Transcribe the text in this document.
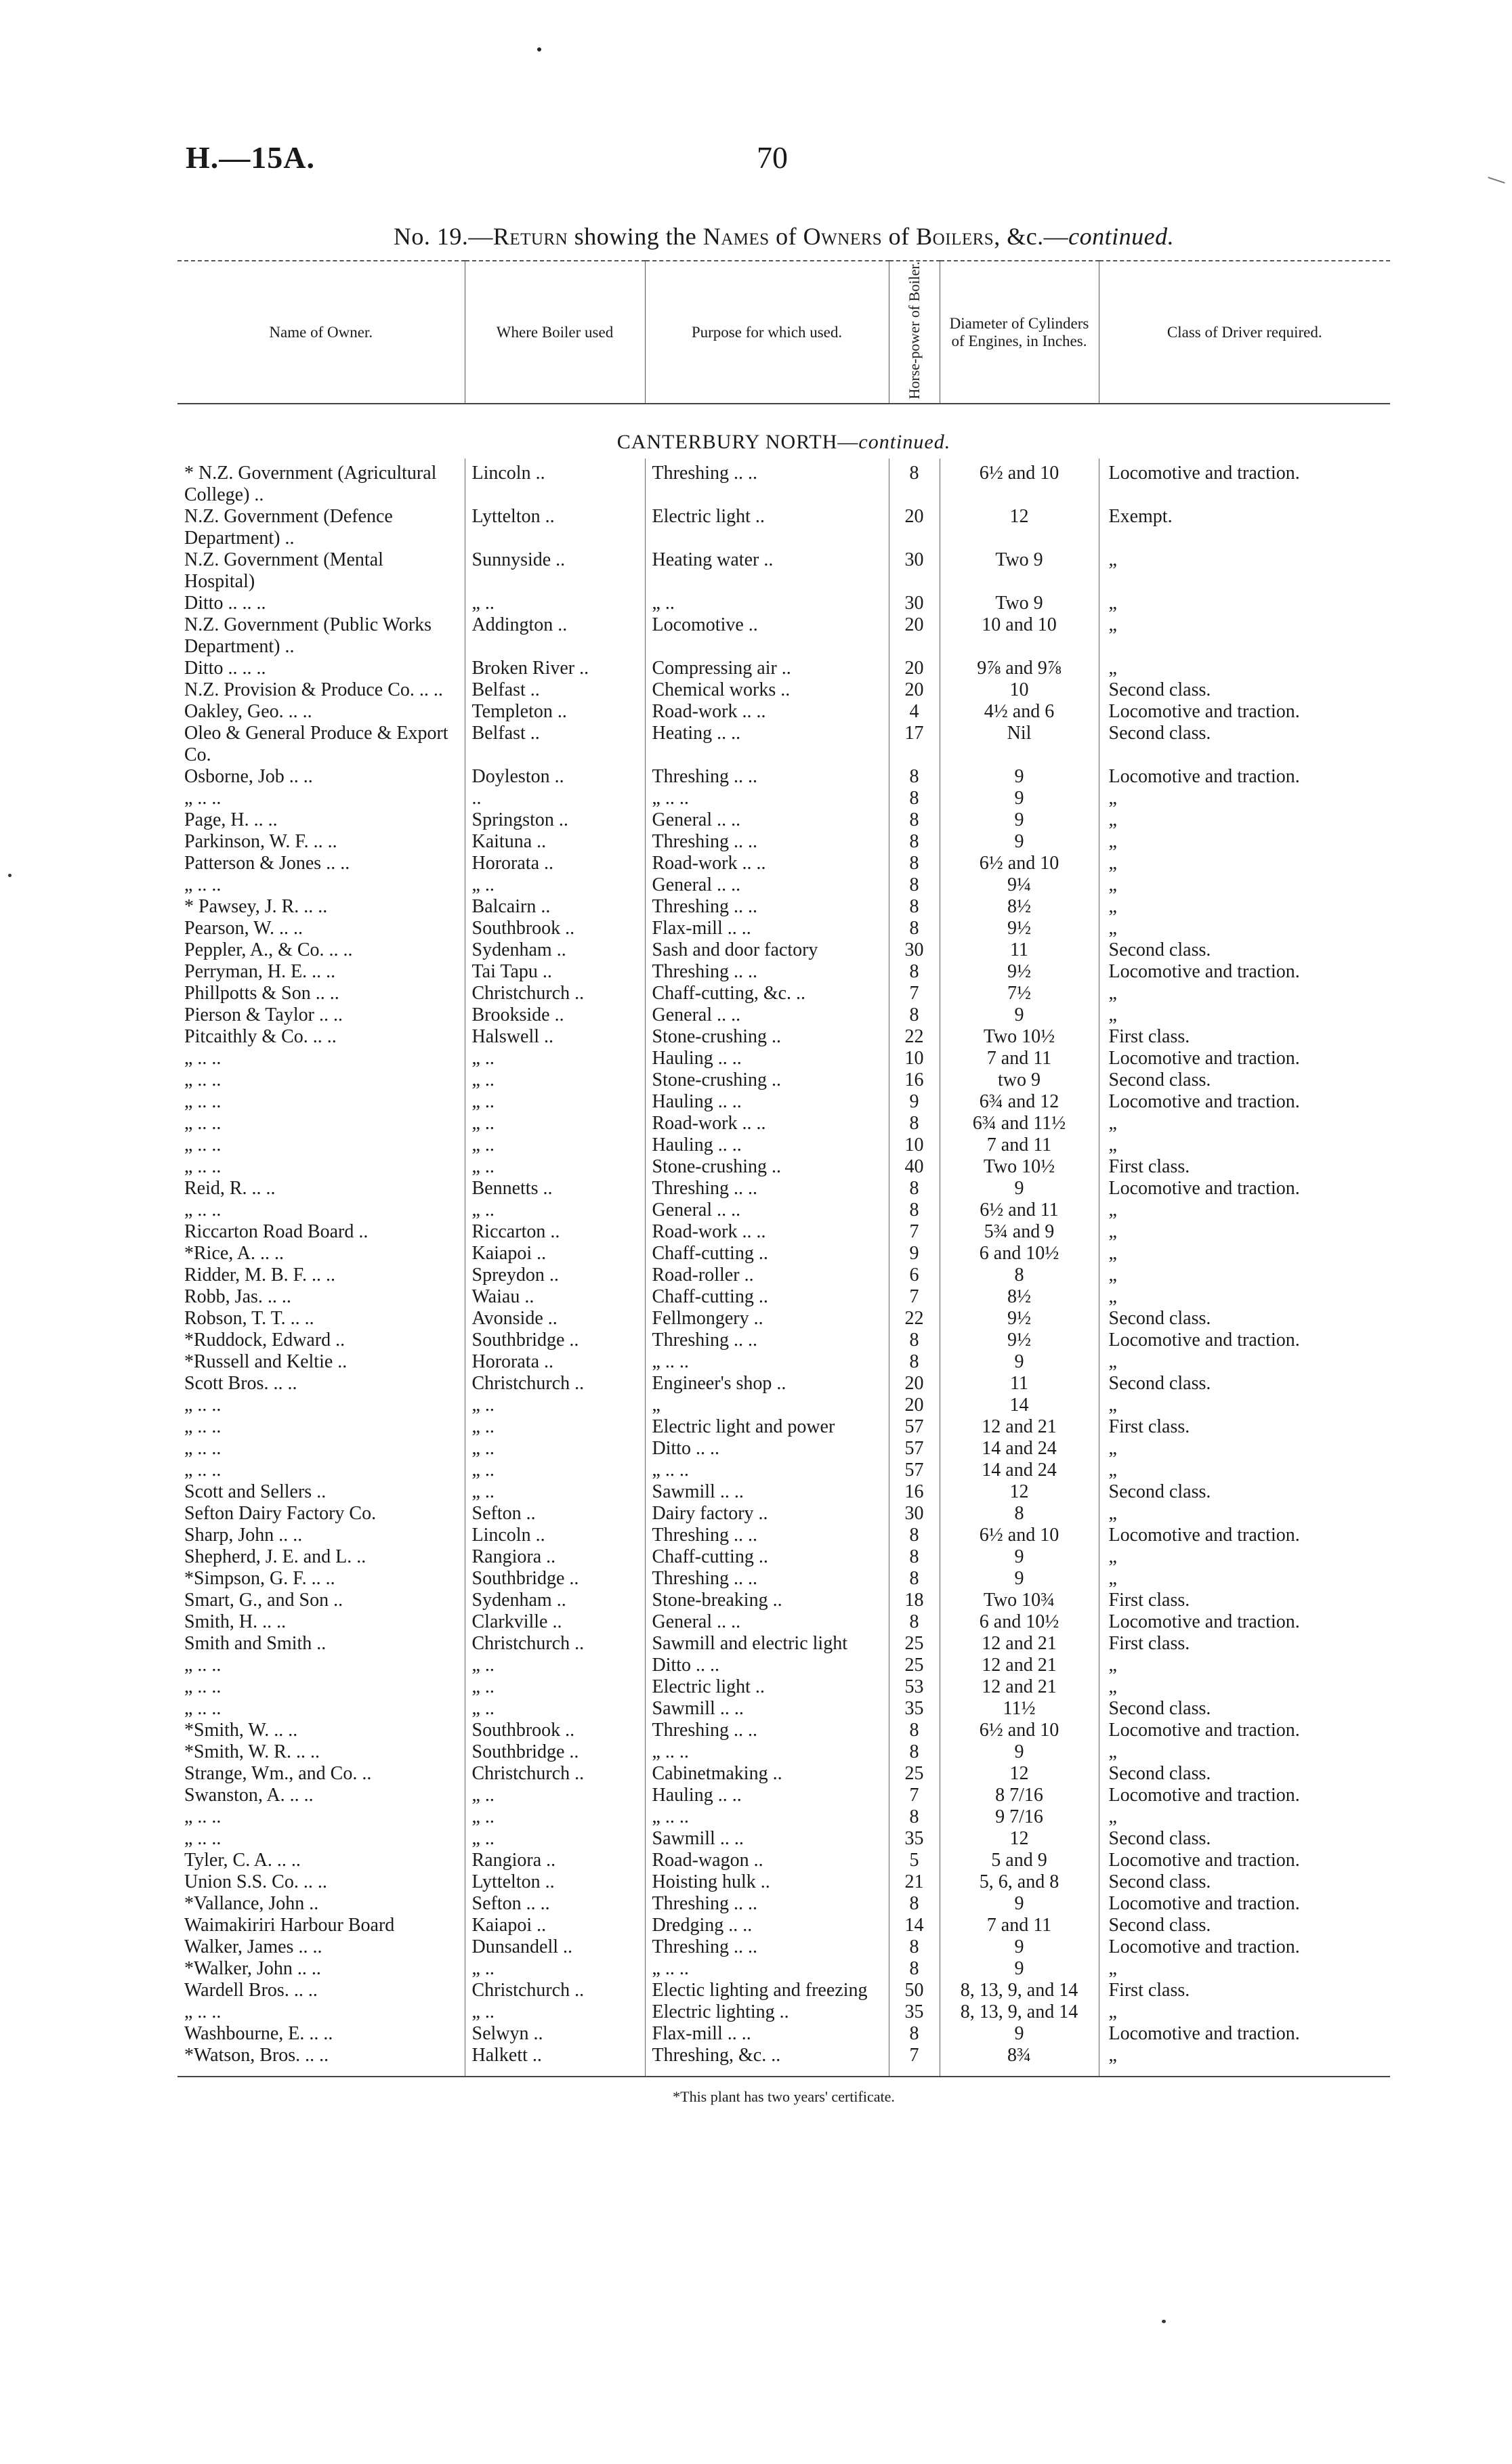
H.—15A.	70
No. 19.—Return showing the Names of Owners of Boilers, &c.—continued.
Name of Owner.	Where Boiler used	Purpose for which used.	Horse-power of Boiler.	Diameter of Cylinders of Engines, in Inches.	Class of Driver required.
CANTERBURY NORTH—continued.					
* N.Z. Government (Agricultural College) ..	Lincoln ..	Threshing .. ..	8	6½ and 10	Locomotive and traction.
N.Z. Government (Defence Department) ..	Lyttelton ..	Electric light ..	20	12	Exempt.
N.Z. Government (Mental Hospital)	Sunnyside ..	Heating water ..	30	Two 9	„
Ditto .. .. ..	„ ..	„ ..	30	Two 9	„
N.Z. Government (Public Works Department) ..	Addington ..	Locomotive ..	20	10 and 10	„
Ditto .. .. ..	Broken River ..	Compressing air ..	20	9⅞ and 9⅞	„
N.Z. Provision & Produce Co. .. ..	Belfast ..	Chemical works ..	20	10	Second class.
Oakley, Geo. .. ..	Templeton ..	Road-work .. ..	4	4½ and 6	Locomotive and traction.
Oleo & General Produce & Export Co.	Belfast ..	Heating .. ..	17	Nil	Second class.
Osborne, Job .. ..	Doyleston ..	Threshing .. ..	8	9	Locomotive and traction.
„ .. ..	..	„ .. ..	8	9	„
Page, H. .. ..	Springston ..	General .. ..	8	9	„
Parkinson, W. F. .. ..	Kaituna ..	Threshing .. ..	8	9	„
Patterson & Jones .. ..	Hororata ..	Road-work .. ..	8	6½ and 10	„
„ .. ..	„ ..	General .. ..	8	9¼	„
* Pawsey, J. R. .. ..	Balcairn ..	Threshing .. ..	8	8½	„
Pearson, W. .. ..	Southbrook ..	Flax-mill .. ..	8	9½	„
Peppler, A., & Co. .. ..	Sydenham ..	Sash and door factory	30	11	Second class.
Perryman, H. E. .. ..	Tai Tapu ..	Threshing .. ..	8	9½	Locomotive and traction.
Phillpotts & Son .. ..	Christchurch ..	Chaff-cutting, &c. ..	7	7½	„
Pierson & Taylor .. ..	Brookside ..	General .. ..	8	9	„
Pitcaithly & Co. .. ..	Halswell ..	Stone-crushing ..	22	Two 10½	First class.
„ .. ..	„ ..	Hauling .. ..	10	7 and 11	Locomotive and traction.
„ .. ..	„ ..	Stone-crushing ..	16	two 9	Second class.
„ .. ..	„ ..	Hauling .. ..	9	6¾ and 12	Locomotive and traction.
„ .. ..	„ ..	Road-work .. ..	8	6¾ and 11½	„
„ .. ..	„ ..	Hauling .. ..	10	7 and 11	„
„ .. ..	„ ..	Stone-crushing ..	40	Two 10½	First class.
Reid, R. .. ..	Bennetts ..	Threshing .. ..	8	9	Locomotive and traction.
„ .. ..	„ ..	General .. ..	8	6½ and 11	„
Riccarton Road Board ..	Riccarton ..	Road-work .. ..	7	5¾ and 9	„
*Rice, A. .. ..	Kaiapoi ..	Chaff-cutting ..	9	6 and 10½	„
Ridder, M. B. F. .. ..	Spreydon ..	Road-roller ..	6	8	„
Robb, Jas. .. ..	Waiau ..	Chaff-cutting ..	7	8½	„
Robson, T. T. .. ..	Avonside ..	Fellmongery ..	22	9½	Second class.
*Ruddock, Edward ..	Southbridge ..	Threshing .. ..	8	9½	Locomotive and traction.
*Russell and Keltie ..	Hororata ..	„ .. ..	8	9	„
Scott Bros. .. ..	Christchurch ..	Engineer's shop ..	20	11	Second class.
„ .. ..	„ ..	„	20	14	„
„ .. ..	„ ..	Electric light and power	57	12 and 21	First class.
„ .. ..	„ ..	Ditto .. ..	57	14 and 24	„
„ .. ..	„ ..	„ .. ..	57	14 and 24	„
Scott and Sellers ..	„ ..	Sawmill .. ..	16	12	Second class.
Sefton Dairy Factory Co.	Sefton ..	Dairy factory ..	30	8	„
Sharp, John .. ..	Lincoln ..	Threshing .. ..	8	6½ and 10	Locomotive and traction.
Shepherd, J. E. and L. ..	Rangiora ..	Chaff-cutting ..	8	9	„
*Simpson, G. F. .. ..	Southbridge ..	Threshing .. ..	8	9	„
Smart, G., and Son ..	Sydenham ..	Stone-breaking ..	18	Two 10¾	First class.
Smith, H. .. ..	Clarkville ..	General .. ..	8	6 and 10½	Locomotive and traction.
Smith and Smith ..	Christchurch ..	Sawmill and electric light	25	12 and 21	First class.
„ .. ..	„ ..	Ditto .. ..	25	12 and 21	„
„ .. ..	„ ..	Electric light ..	53	12 and 21	„
„ .. ..	„ ..	Sawmill .. ..	35	11½	Second class.
*Smith, W. .. ..	Southbrook ..	Threshing .. ..	8	6½ and 10	Locomotive and traction.
*Smith, W. R. .. ..	Southbridge ..	„ .. ..	8	9	„
Strange, Wm., and Co. ..	Christchurch ..	Cabinetmaking ..	25	12	Second class.
Swanston, A. .. ..	„ ..	Hauling .. ..	7	8 7/16	Locomotive and traction.
„ .. ..	„ ..	„ .. ..	8	9 7/16	„
„ .. ..	„ ..	Sawmill .. ..	35	12	Second class.
Tyler, C. A. .. ..	Rangiora ..	Road-wagon ..	5	5 and 9	Locomotive and traction.
Union S.S. Co. .. ..	Lyttelton ..	Hoisting hulk ..	21	5, 6, and 8	Second class.
*Vallance, John ..	Sefton .. ..	Threshing .. ..	8	9	Locomotive and traction.
Waimakiriri Harbour Board	Kaiapoi ..	Dredging .. ..	14	7 and 11	Second class.
Walker, James .. ..	Dunsandell ..	Threshing .. ..	8	9	Locomotive and traction.
*Walker, John .. ..	„ ..	„ .. ..	8	9	„
Wardell Bros. .. ..	Christchurch ..	Electic lighting and freezing	50	8, 13, 9, and 14	First class.
„ .. ..	„ ..	Electric lighting ..	35	8, 13, 9, and 14	„
Washbourne, E. .. ..	Selwyn ..	Flax-mill .. ..	8	9	Locomotive and traction.
*Watson, Bros. .. ..	Halkett ..	Threshing, &c. ..	7	8¾	„
*This plant has two years' certificate.
